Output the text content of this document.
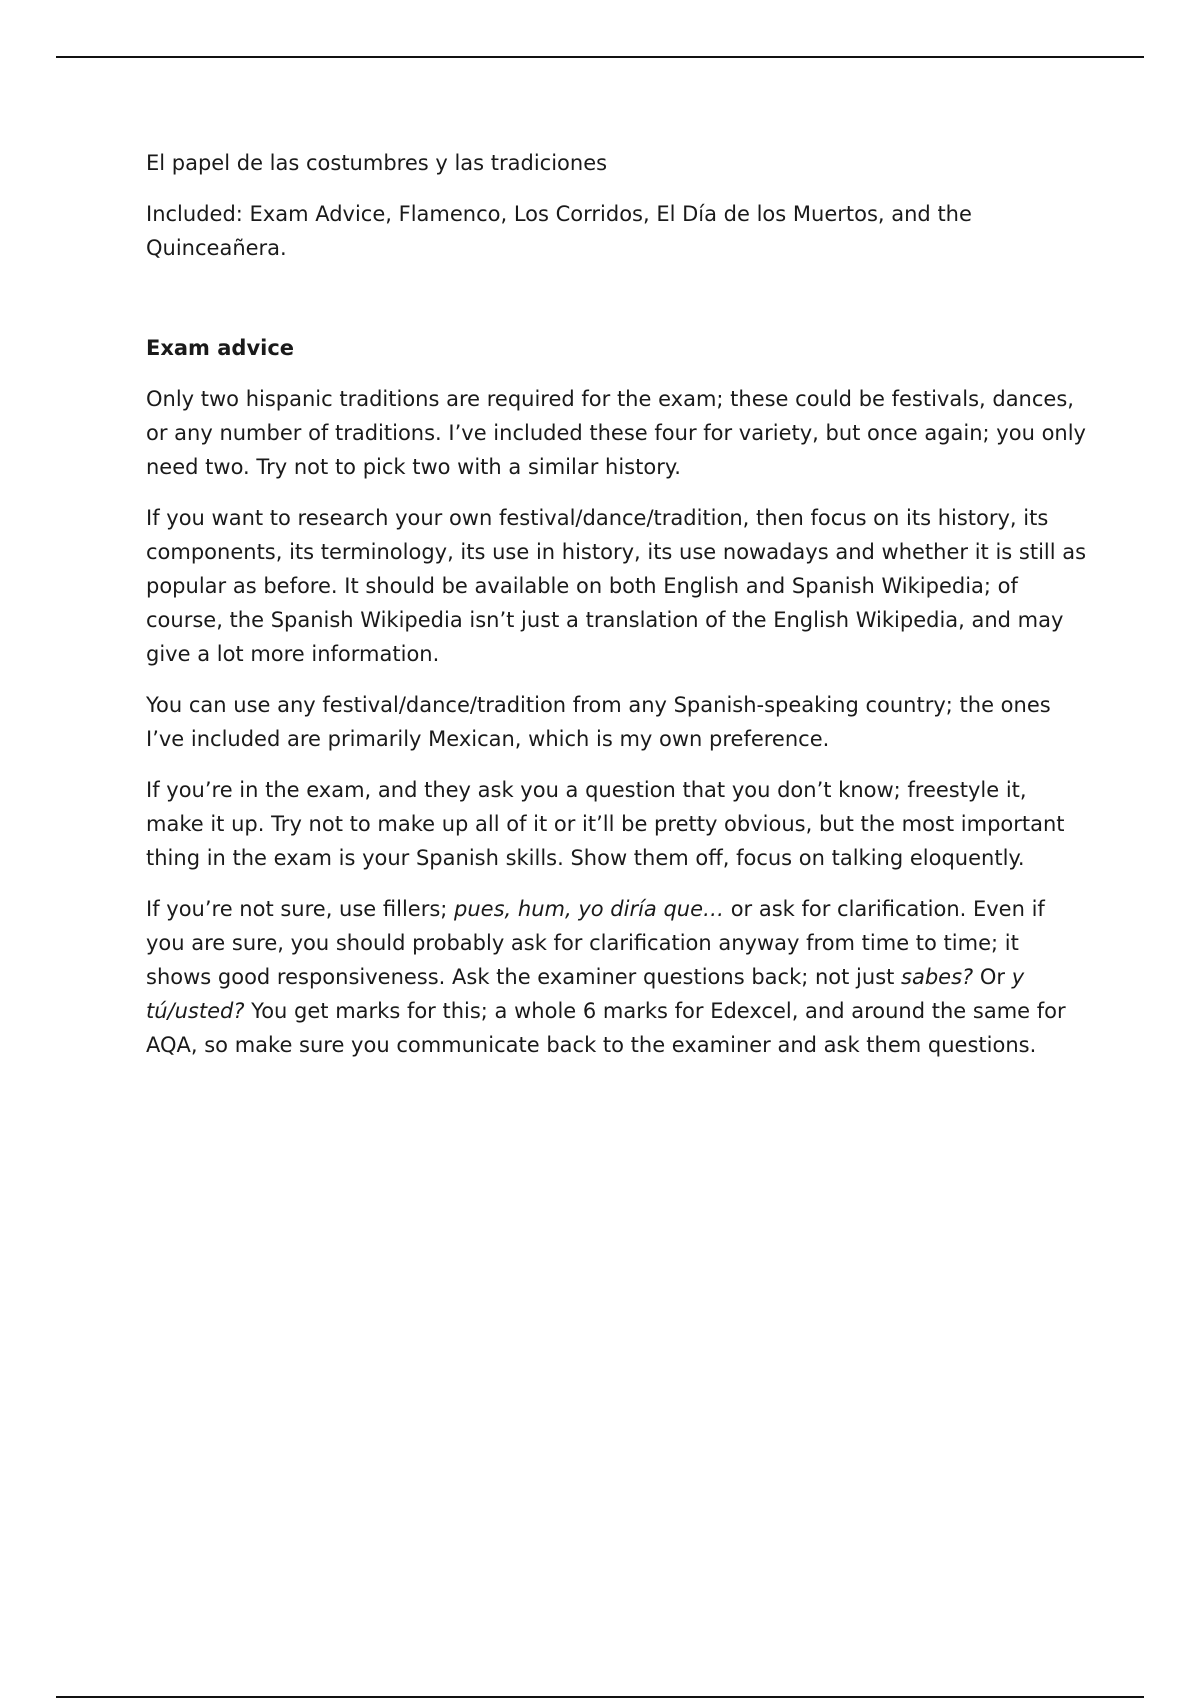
El papel de las costumbres y las tradiciones

Included: Exam Advice, Flamenco, Los Corridos, El Día de los Muertos, and the Quinceañera.

Exam advice

Only two hispanic traditions are required for the exam; these could be festivals, dances, or any number of traditions. I’ve included these four for variety, but once again; you only need two. Try not to pick two with a similar history.

If you want to research your own festival/dance/tradition, then focus on its history, its components, its terminology, its use in history, its use nowadays and whether it is still as popular as before. It should be available on both English and Spanish Wikipedia; of course, the Spanish Wikipedia isn’t just a translation of the English Wikipedia, and may give a lot more information.

You can use any festival/dance/tradition from any Spanish-speaking country; the ones I’ve included are primarily Mexican, which is my own preference.

If you’re in the exam, and they ask you a question that you don’t know; freestyle it, make it up. Try not to make up all of it or it’ll be pretty obvious, but the most important thing in the exam is your Spanish skills. Show them off, focus on talking eloquently.

If you’re not sure, use fillers; pues, hum, yo diría que… or ask for clarification. Even if you are sure, you should probably ask for clarification anyway from time to time; it shows good responsiveness. Ask the examiner questions back; not just sabes? Or y tú/usted? You get marks for this; a whole 6 marks for Edexcel, and around the same for AQA, so make sure you communicate back to the examiner and ask them questions.
